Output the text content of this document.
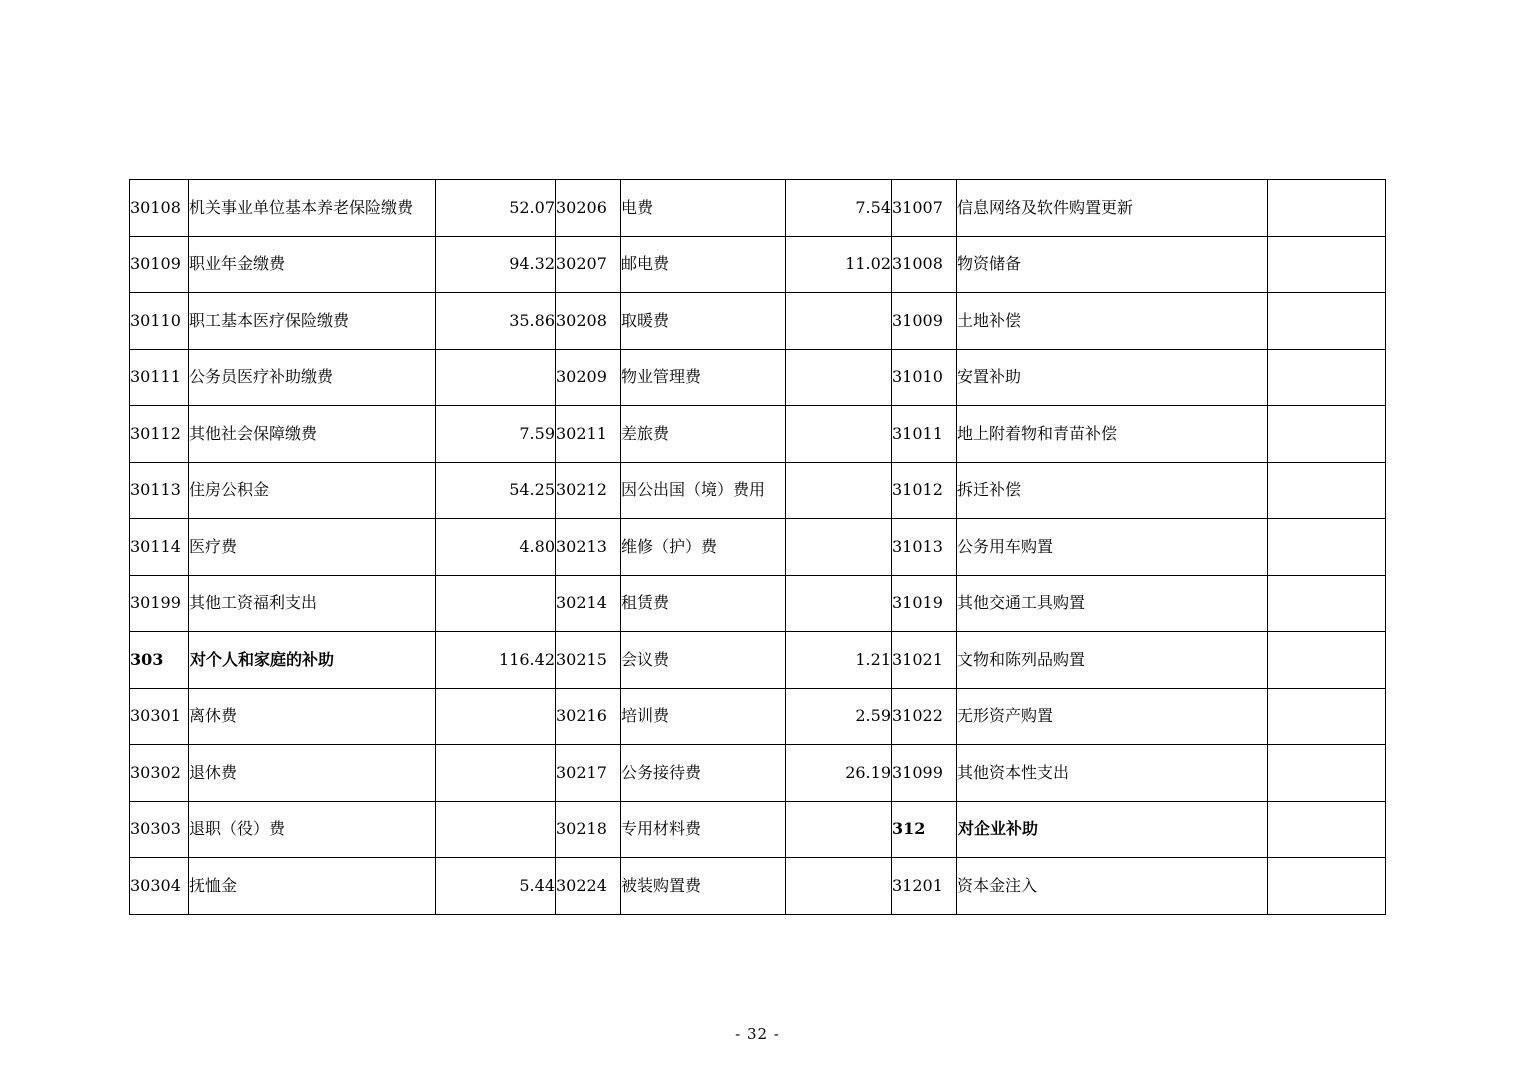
30108	机关事业单位基本养老保险缴费	52.07	30206	电费	7.54	31007	信息网络及软件购置更新	
30109	职业年金缴费	94.32	30207	邮电费	11.02	31008	物资储备	
30110	职工基本医疗保险缴费	35.86	30208	取暖费		31009	土地补偿	
30111	公务员医疗补助缴费		30209	物业管理费		31010	安置补助	
30112	其他社会保障缴费	7.59	30211	差旅费		31011	地上附着物和青苗补偿	
30113	住房公积金	54.25	30212	因公出国（境）费用		31012	拆迁补偿	
30114	医疗费	4.80	30213	维修（护）费		31013	公务用车购置	
30199	其他工资福利支出		30214	租赁费		31019	其他交通工具购置	
303	对个人和家庭的补助	116.42	30215	会议费	1.21	31021	文物和陈列品购置	
30301	离休费		30216	培训费	2.59	31022	无形资产购置	
30302	退休费		30217	公务接待费	26.19	31099	其他资本性支出	
30303	退职（役）费		30218	专用材料费		312	对企业补助	
30304	抚恤金	5.44	30224	被装购置费		31201	资本金注入	
- 32 -
